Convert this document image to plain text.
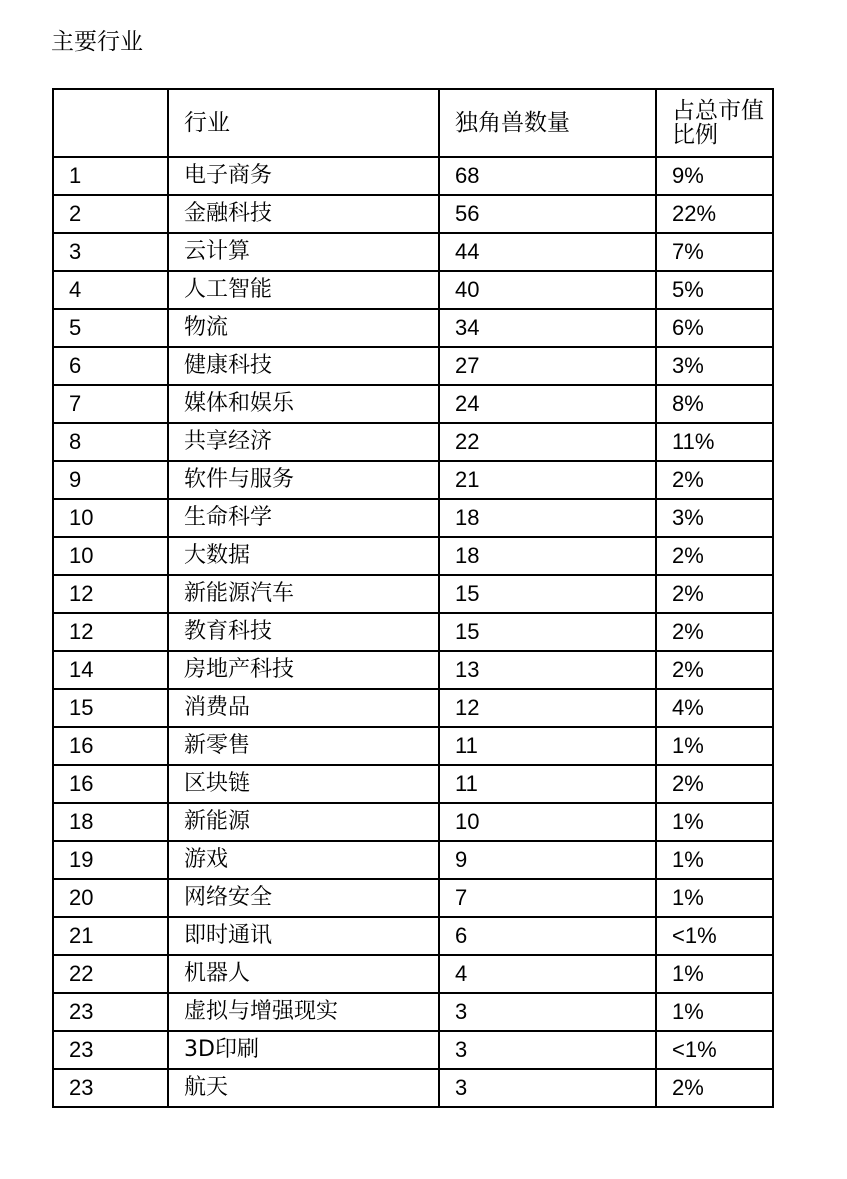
主要行业
	行业	独角兽数量	占总市值比例
1	电子商务	68	9%
2	金融科技	56	22%
3	云计算	44	7%
4	人工智能	40	5%
5	物流	34	6%
6	健康科技	27	3%
7	媒体和娱乐	24	8%
8	共享经济	22	11%
9	软件与服务	21	2%
10	生命科学	18	3%
10	大数据	18	2%
12	新能源汽车	15	2%
12	教育科技	15	2%
14	房地产科技	13	2%
15	消费品	12	4%
16	新零售	11	1%
16	区块链	11	2%
18	新能源	10	1%
19	游戏	9	1%
20	网络安全	7	1%
21	即时通讯	6	<1%
22	机器人	4	1%
23	虚拟与增强现实	3	1%
23	3D印刷	3	<1%
23	航天	3	2%
